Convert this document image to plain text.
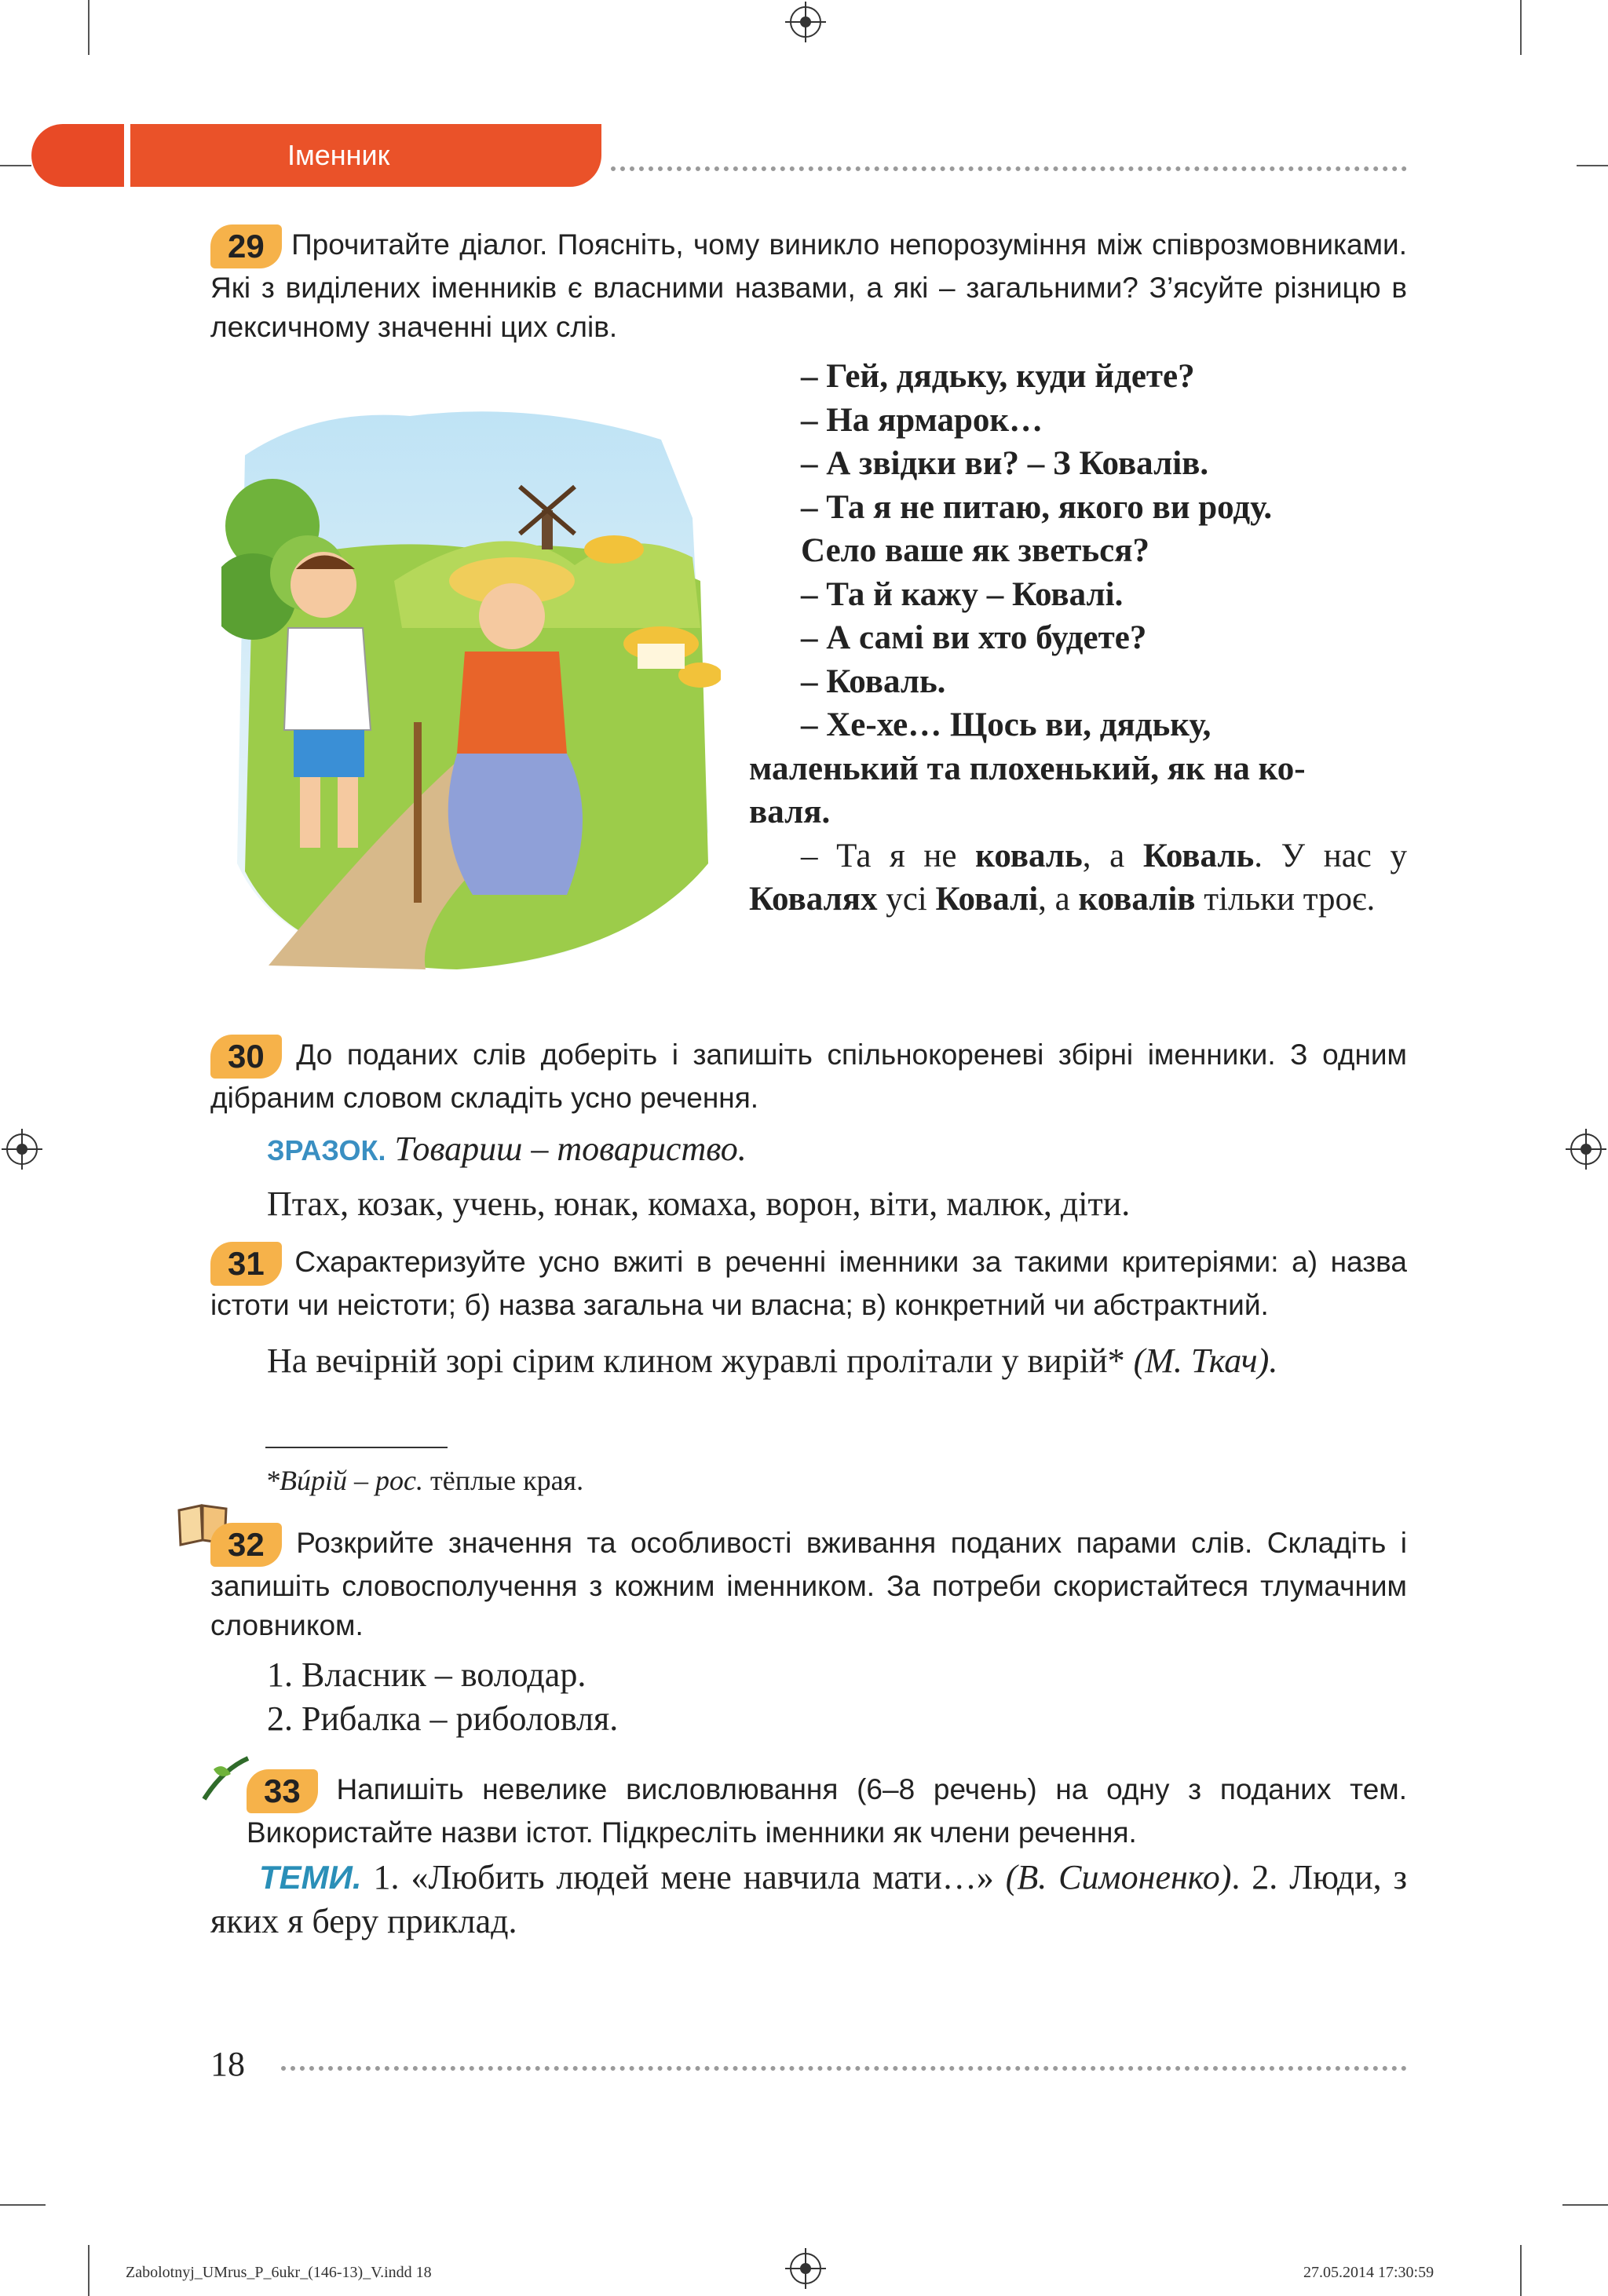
Іменник
29 Прочитайте діалог. Поясніть, чому виникло непорозуміння між співрозмовниками. Які з виділених іменників є власними назвами, а які – загальними? З’ясуйте різницю в лексичному значенні цих слів.
– Гей, дядьку, куди йдете?
– На ярмарок…
– А звідки ви? – З Ковалів.
– Та я не питаю, якого ви роду.
Село ваше як зветься?
– Та й кажу – Ковалі.
– А самі ви хто будете?
– Коваль.
– Хе-хе… Щось ви, дядьку,
маленький та плохенький, як на ко-
валя.
– Та я не коваль, а Коваль. У нас у Ковалях усі Ковалі, а ковалів тільки троє.
30 До поданих слів доберіть і запишіть спільнокореневі збірні іменники. З одним дібраним словом складіть усно речення.
ЗРАЗОК. Товариш – товариство.
Птах, козак, учень, юнак, комаха, ворон, віти, малюк, діти.
31 Схарактеризуйте усно вжиті в реченні іменники за такими критеріями: а) назва істоти чи неістоти; б) назва загальна чи власна; в) конкретний чи абстрактний.
На вечірній зорі сірим клином журавлі пролітали у вирій* (М. Ткач).
*Вúрій – рос. тёплые края.
32 Розкрийте значення та особливості вживання поданих парами слів. Складіть і запишіть словосполучення з кожним іменником. За потреби скористайтеся тлумачним словником.
1. Власник – володар.
2. Рибалка – риболовля.
33 Напишіть невелике висловлювання (6–8 речень) на одну з поданих тем. Використайте назви істот. Підкресліть іменники як члени речення.
ТЕМИ. 1. «Любить людей мене навчила мати…» (В. Симоненко). 2. Люди, з яких я беру приклад.
18
Zabolotnyj_UMrus_P_6ukr_(146-13)_V.indd 18	27.05.2014 17:30:59
